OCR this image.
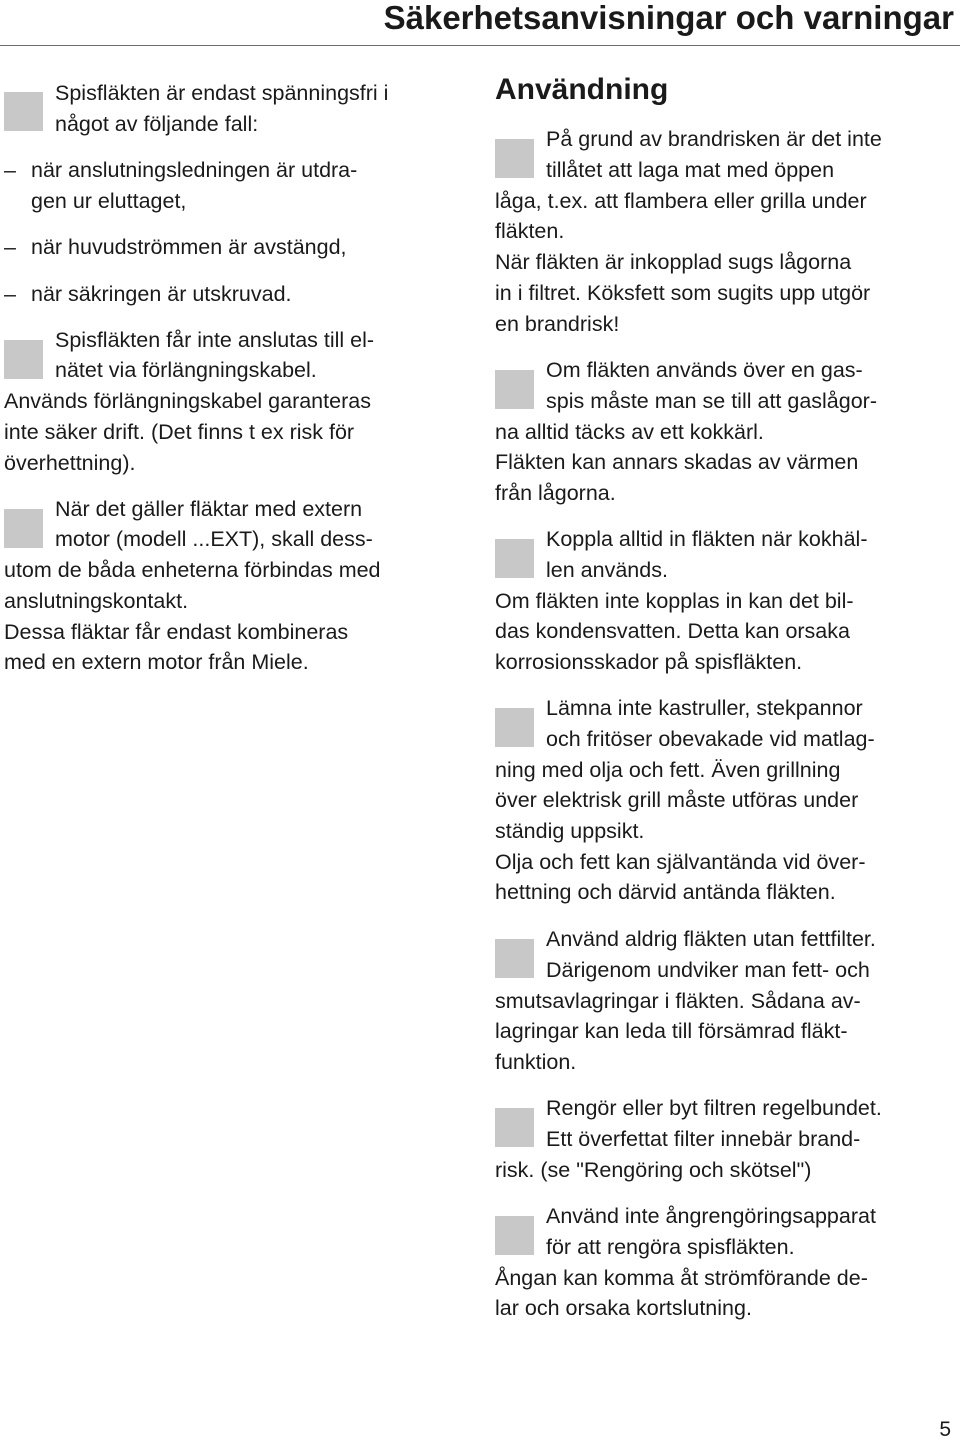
Säkerhetsanvisningar och varningar
Spisfläkten är endast spänningsfri i
något av följande fall:
– när anslutningsledningen är utdra-
gen ur eluttaget,
– när huvudströmmen är avstängd,
– när säkringen är utskruvad.
Spisfläkten får inte anslutas till el-
nätet via förlängningskabel.
Används förlängningskabel garanteras
inte säker drift. (Det finns t ex risk för
överhettning).
När det gäller fläktar med extern
motor (modell ...EXT), skall dess-
utom de båda enheterna förbindas med
anslutningskontakt.
Dessa fläktar får endast kombineras
med en extern motor från Miele.
Användning
På grund av brandrisken är det inte
tillåtet att laga mat med öppen
låga, t.ex. att flambera eller grilla under
fläkten.
När fläkten är inkopplad sugs lågorna
in i filtret. Köksfett som sugits upp utgör
en brandrisk!
Om fläkten används över en gas-
spis måste man se till att gaslågor-
na alltid täcks av ett kokkärl.
Fläkten kan annars skadas av värmen
från lågorna.
Koppla alltid in fläkten när kokhäl-
len används.
Om fläkten inte kopplas in kan det bil-
das kondensvatten. Detta kan orsaka
korrosionsskador på spisfläkten.
Lämna inte kastruller, stekpannor
och fritöser obevakade vid matlag-
ning med olja och fett. Även grillning
över elektrisk grill måste utföras under
ständig uppsikt.
Olja och fett kan självantända vid över-
hettning och därvid antända fläkten.
Använd aldrig fläkten utan fettfilter.
Därigenom undviker man fett- och
smutsavlagringar i fläkten. Sådana av-
lagringar kan leda till försämrad fläkt-
funktion.
Rengör eller byt filtren regelbundet.
Ett överfettat filter innebär brand-
risk. (se "Rengöring och skötsel")
Använd inte ångrengöringsapparat
för att rengöra spisfläkten.
Ångan kan komma åt strömförande de-
lar och orsaka kortslutning.
5
